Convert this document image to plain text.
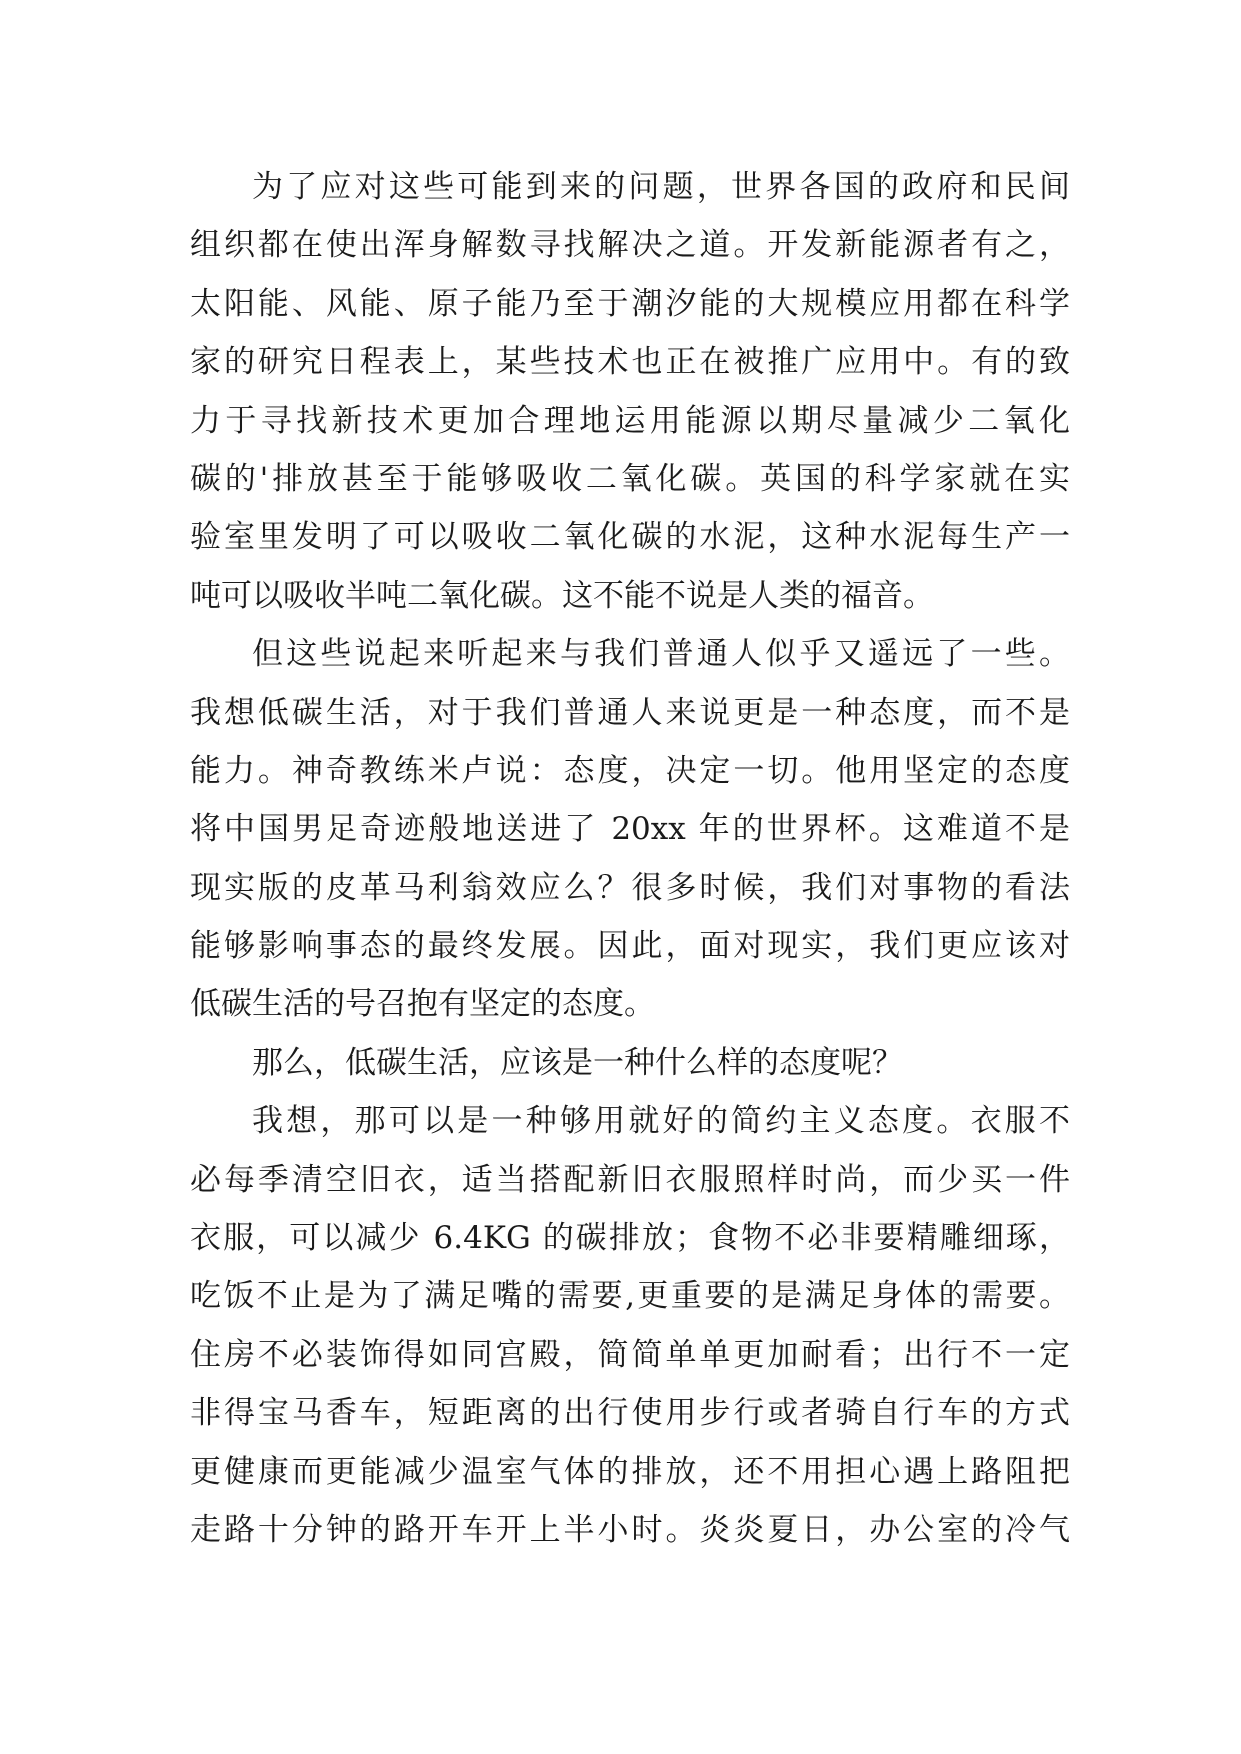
为了应对这些可能到来的问题，世界各国的政府和民间
组织都在使出浑身解数寻找解决之道。开发新能源者有之，
太阳能、风能、原子能乃至于潮汐能的大规模应用都在科学
家的研究日程表上，某些技术也正在被推广应用中。有的致
力于寻找新技术更加合理地运用能源以期尽量减少二氧化
碳的'排放甚至于能够吸收二氧化碳。英国的科学家就在实
验室里发明了可以吸收二氧化碳的水泥，这种水泥每生产一
吨可以吸收半吨二氧化碳。这不能不说是人类的福音。
但这些说起来听起来与我们普通人似乎又遥远了一些。
我想低碳生活，对于我们普通人来说更是一种态度，而不是
能力。神奇教练米卢说：态度，决定一切。他用坚定的态度
将中国男足奇迹般地送进了 20xx 年的世界杯。这难道不是
现实版的皮革马利翁效应么？很多时候，我们对事物的看法
能够影响事态的最终发展。因此，面对现实，我们更应该对
低碳生活的号召抱有坚定的态度。
那么，低碳生活，应该是一种什么样的态度呢？
我想，那可以是一种够用就好的简约主义态度。衣服不
必每季清空旧衣，适当搭配新旧衣服照样时尚，而少买一件
衣服，可以减少 6.4KG 的碳排放；食物不必非要精雕细琢，
吃饭不止是为了满足嘴的需要,更重要的是满足身体的需要。
住房不必装饰得如同宫殿，简简单单更加耐看；出行不一定
非得宝马香车，短距离的出行使用步行或者骑自行车的方式
更健康而更能减少温室气体的排放，还不用担心遇上路阻把
走路十分钟的路开车开上半小时。炎炎夏日，办公室的冷气
